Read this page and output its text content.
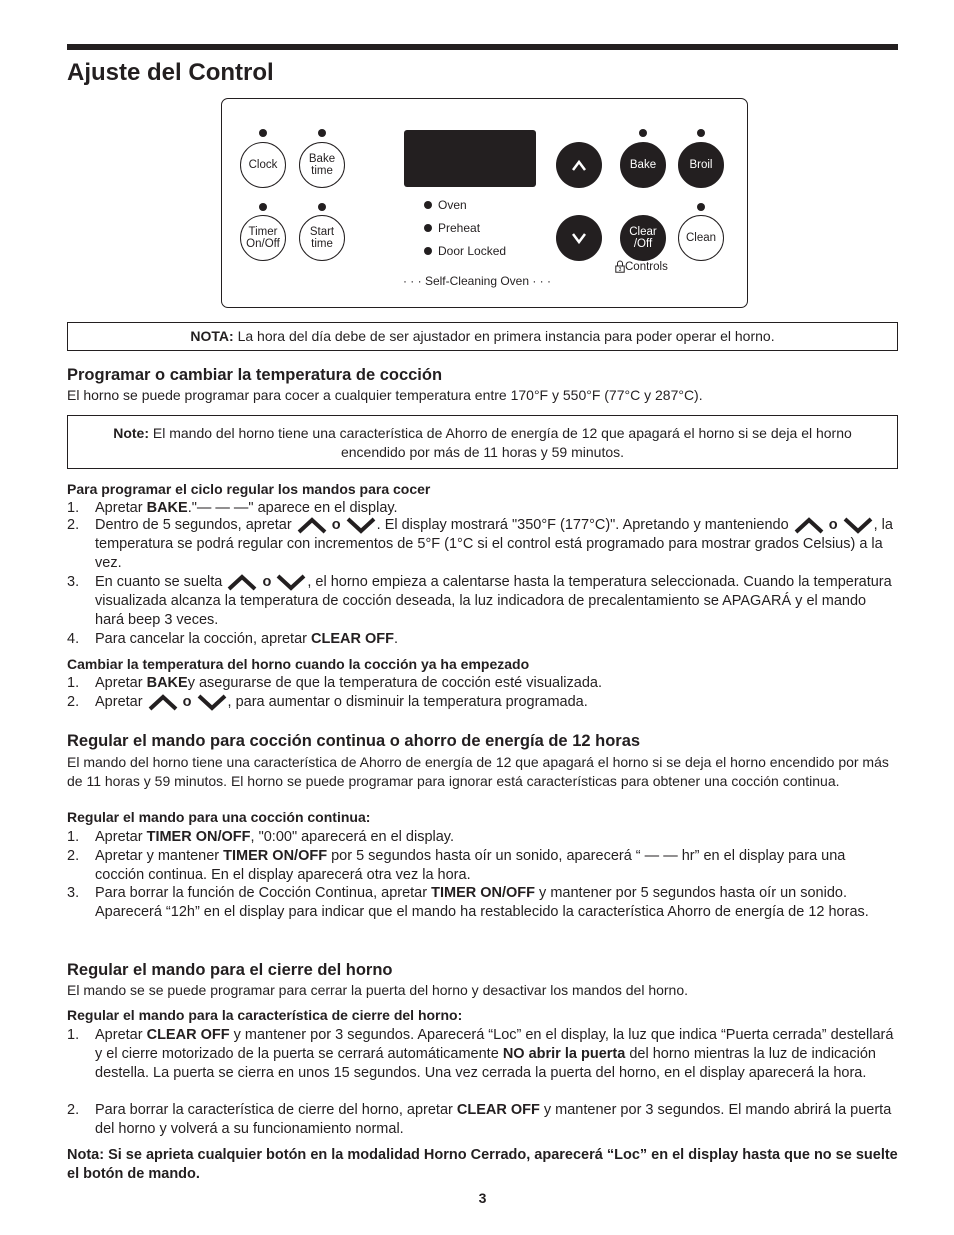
Ajuste del Control
Clock	Bake
time
Timer
On/Off
Start
time
Oven
Preheat
Door Locked
· · · Self-Cleaning Oven · · ·
Bake	Broil
Clear
/Off	Clean
3 Controls
NOTA: La hora del día debe de ser ajustador en primera instancia para poder operar el horno.
Programar o cambiar la temperatura de cocción
El horno se puede programar para cocer a cualquier temperatura entre 170°F y 550°F (77°C y 287°C).
Note: El mando del horno tiene una característica de Ahorro de energía de 12 que apagará el horno si se deja el horno encendido por más de 11 horas y 59 minutos.
Para programar el ciclo regular los mandos para cocer
1. Apretar BAKE."— — —" aparece en el display.
2. Dentro de 5 segundos, apretar  o . El display mostrará "350°F (177°C)". Apretando y manteniendo  o , la temperatura se podrá regular con incrementos de 5°F (1°C si el control está programado para mostrar grados Celsius) a la vez.
3. En cuanto se suelta  o , el horno empieza a calentarse hasta la temperatura seleccionada. Cuando la temperatura visualizada alcanza la temperatura de cocción deseada, la luz indicadora de precalentamiento se APAGARÁ y el mando hará beep 3 veces.
4. Para cancelar la cocción, apretar CLEAR OFF.
Cambiar la temperatura del horno cuando la cocción ya ha empezado
1. Apretar BAKEy asegurarse de que la temperatura de cocción esté visualizada.
2. Apretar  o , para aumentar o disminuir la temperatura programada.
Regular el mando para cocción continua o ahorro de energía de 12 horas
El mando del horno tiene una característica de Ahorro de energía de 12 que apagará el horno si se deja el horno encendido por más de 11 horas y 59 minutos. El horno se puede programar para ignorar está características para obtener una cocción continua.
Regular el mando para una cocción continua:
1. Apretar TIMER ON/OFF, "0:00" aparecerá en el display.
2. Apretar y mantener TIMER ON/OFF por 5 segundos hasta oír un sonido, aparecerá “ — — hr” en el display para una cocción continua. En el display aparecerá otra vez la hora.
3. Para borrar la función de Cocción Continua, apretar TIMER ON/OFF y mantener por 5 segundos hasta oír un sonido. Aparecerá “12h” en el display para indicar que el mando ha restablecido la característica Ahorro de energía de 12 horas.
Regular el mando para el cierre del horno
El mando se se puede programar para cerrar la puerta del horno y desactivar los mandos del horno.
Regular el mando para la característica de cierre del horno:
1. Apretar CLEAR OFF y mantener por 3 segundos. Aparecerá “Loc” en el display, la luz que indica “Puerta cerrada” destellará y el cierre motorizado de la puerta se cerrará automáticamente NO abrir la puerta del horno mientras la luz de indicación destella. La puerta se cierra en unos 15 segundos. Una vez cerrada la puerta del horno, en el display aparecerá la hora.
2. Para borrar la característica de cierre del horno, apretar CLEAR OFF y mantener por 3 segundos. El mando abrirá la puerta del horno y volverá a su funcionamiento normal.
Nota: Si se aprieta cualquier botón en la modalidad Horno Cerrado, aparecerá “Loc” en el display hasta que no se suelte el botón de mando.
3
